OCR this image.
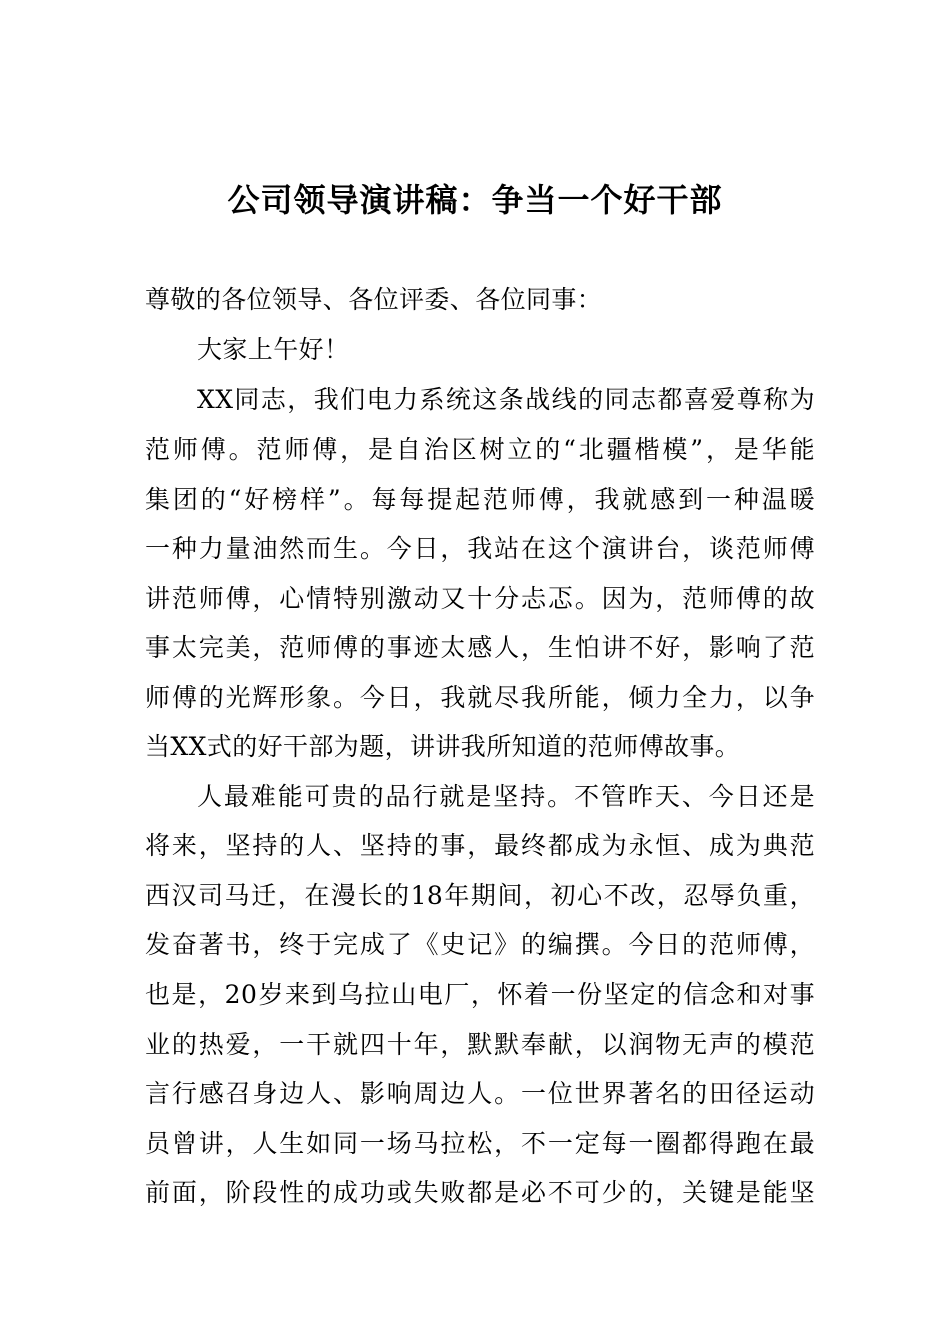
公司领导演讲稿：争当一个好干部
尊敬的各位领导、各位评委、各位同事：
大家上午好！
XX同志，我们电力系统这条战线的同志都喜爱尊称为
范师傅。范师傅，是自治区树立的“北疆楷模”，是华能
集团的“好榜样”。每每提起范师傅，我就感到一种温暖
一种力量油然而生。今日，我站在这个演讲台，谈范师傅
讲范师傅，心情特别激动又十分忐忑。因为，范师傅的故
事太完美，范师傅的事迹太感人，生怕讲不好，影响了范
师傅的光辉形象。今日，我就尽我所能，倾力全力，以争
当XX式的好干部为题，讲讲我所知道的范师傅故事。
人最难能可贵的品行就是坚持。不管昨天、今日还是
将来，坚持的人、坚持的事，最终都成为永恒、成为典范
西汉司马迁，在漫长的18年期间，初心不改，忍辱负重，
发奋著书，终于完成了《史记》的编撰。今日的范师傅，
也是，20岁来到乌拉山电厂，怀着一份坚定的信念和对事
业的热爱，一干就四十年，默默奉献，以润物无声的模范
言行感召身边人、影响周边人。一位世界著名的田径运动
员曾讲，人生如同一场马拉松，不一定每一圈都得跑在最
前面，阶段性的成功或失败都是必不可少的，关键是能坚
